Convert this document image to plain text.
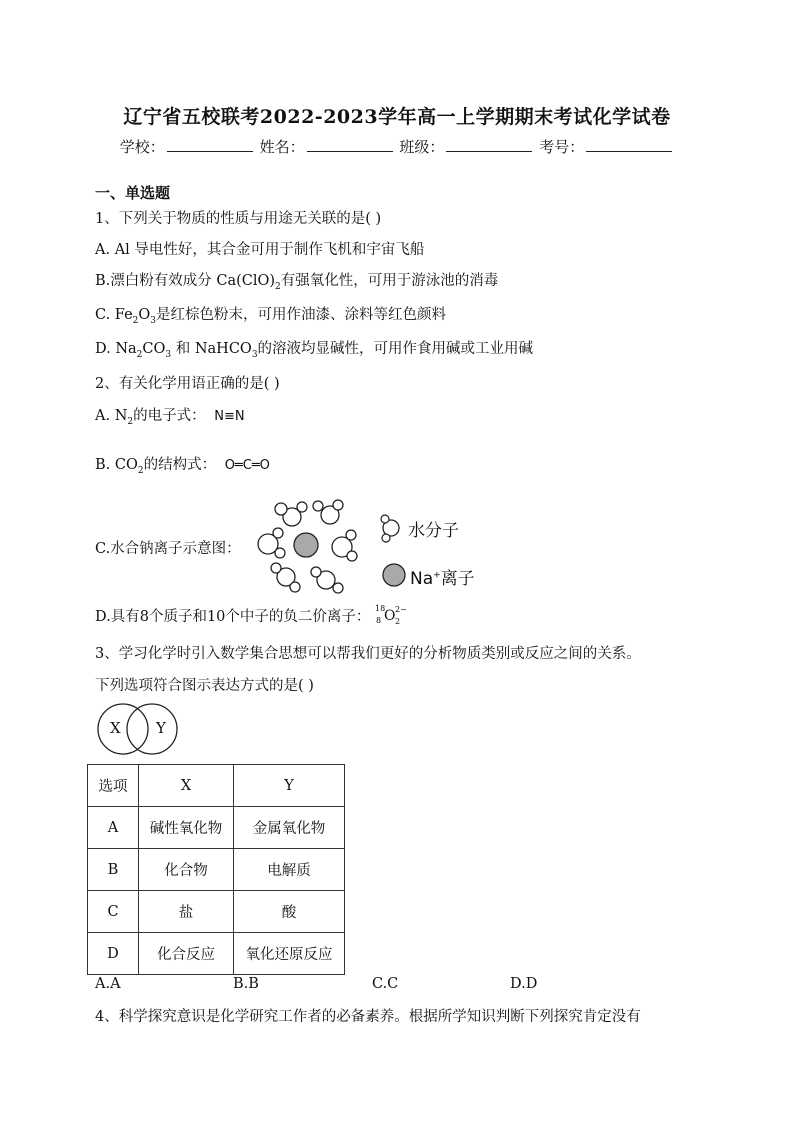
辽宁省五校联考2022-2023学年高一上学期期末考试化学试卷
学校：	姓名：	班级：	考号：
一、单选题
1、下列关于物质的性质与用途无关联的是( )
A. Al 导电性好，其合金可用于制作飞机和宇宙飞船
B.漂白粉有效成分 $Ca(ClO)_2$有强氧化性，可用于游泳池的消毒
C. $Fe_2O_3$是红棕色粉末，可用作油漆、涂料等红色颜料
D. $Na_2CO_3$ 和 NaHCO$_3$的溶液均显碱性，可用作食用碱或工业用碱
2、有关化学用语正确的是( )
A. $N_2$的电子式： N≡N
B. $CO_2$的结构式： O═C═O
C.水合钠离子示意图：
水分子
Na+离子
D.具有8个质子和10个中子的负二价离子：
18
8 O 2−
2
3、学习化学时引入数学集合思想可以帮我们更好的分析物质类别或反应之间的关系。
下列选项符合图示表达方式的是( )
X Y
选项	X	Y
A	碱性氧化物	金属氧化物
B	化合物	电解质
C	盐	酸
D	化合反应	氧化还原反应
A.A	B.B	C.C	D.D
4、科学探究意识是化学研究工作者的必备素养。根据所学知识判断下列探究肯定没有
